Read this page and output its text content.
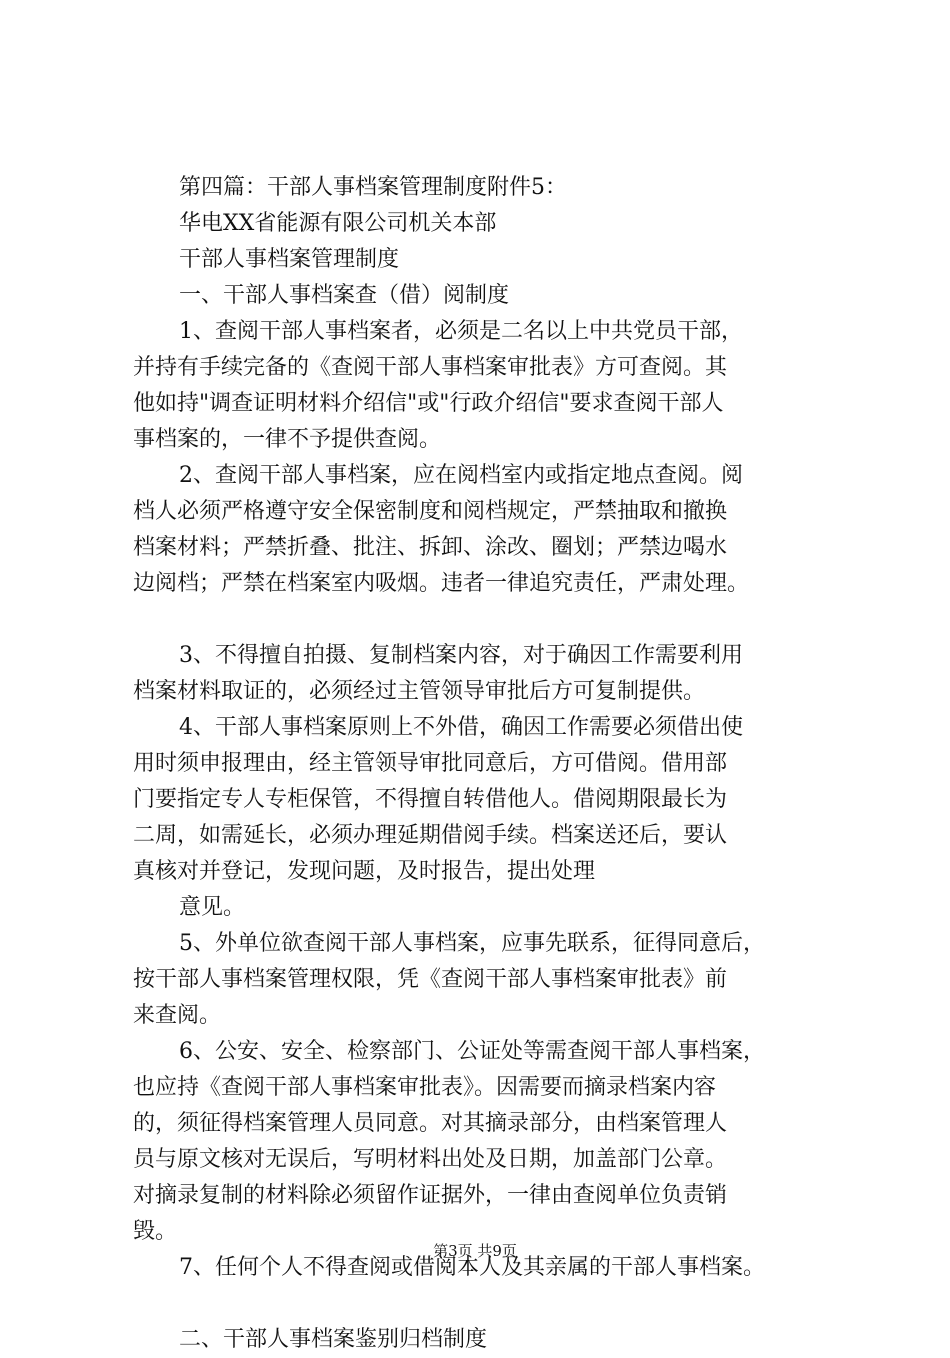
第四篇：干部人事档案管理制度附件5：
华电XX省能源有限公司机关本部
干部人事档案管理制度
一、干部人事档案查（借）阅制度
1、查阅干部人事档案者，必须是二名以上中共党员干部，
并持有手续完备的《查阅干部人事档案审批表》方可查阅。其
他如持"调查证明材料介绍信"或"行政介绍信"要求查阅干部人
事档案的，一律不予提供查阅。
2、查阅干部人事档案，应在阅档室内或指定地点查阅。阅
档人必须严格遵守安全保密制度和阅档规定，严禁抽取和撤换
档案材料；严禁折叠、批注、拆卸、涂改、圈划；严禁边喝水
边阅档；严禁在档案室内吸烟。违者一律追究责任，严肃处理。
3、不得擅自拍摄、复制档案内容，对于确因工作需要利用
档案材料取证的，必须经过主管领导审批后方可复制提供。
4、干部人事档案原则上不外借，确因工作需要必须借出使
用时须申报理由，经主管领导审批同意后，方可借阅。借用部
门要指定专人专柜保管，不得擅自转借他人。借阅期限最长为
二周，如需延长，必须办理延期借阅手续。档案送还后，要认
真核对并登记，发现问题，及时报告，提出处理
意见。
5、外单位欲查阅干部人事档案，应事先联系，征得同意后，
按干部人事档案管理权限，凭《查阅干部人事档案审批表》前
来查阅。
6、公安、安全、检察部门、公证处等需查阅干部人事档案，
也应持《查阅干部人事档案审批表》。因需要而摘录档案内容
的，须征得档案管理人员同意。对其摘录部分，由档案管理人
员与原文核对无误后，写明材料出处及日期，加盖部门公章。
对摘录复制的材料除必须留作证据外，一律由查阅单位负责销
毁。
7、任何个人不得查阅或借阅本人及其亲属的干部人事档案。
二、干部人事档案鉴别归档制度
第3页 共9页
